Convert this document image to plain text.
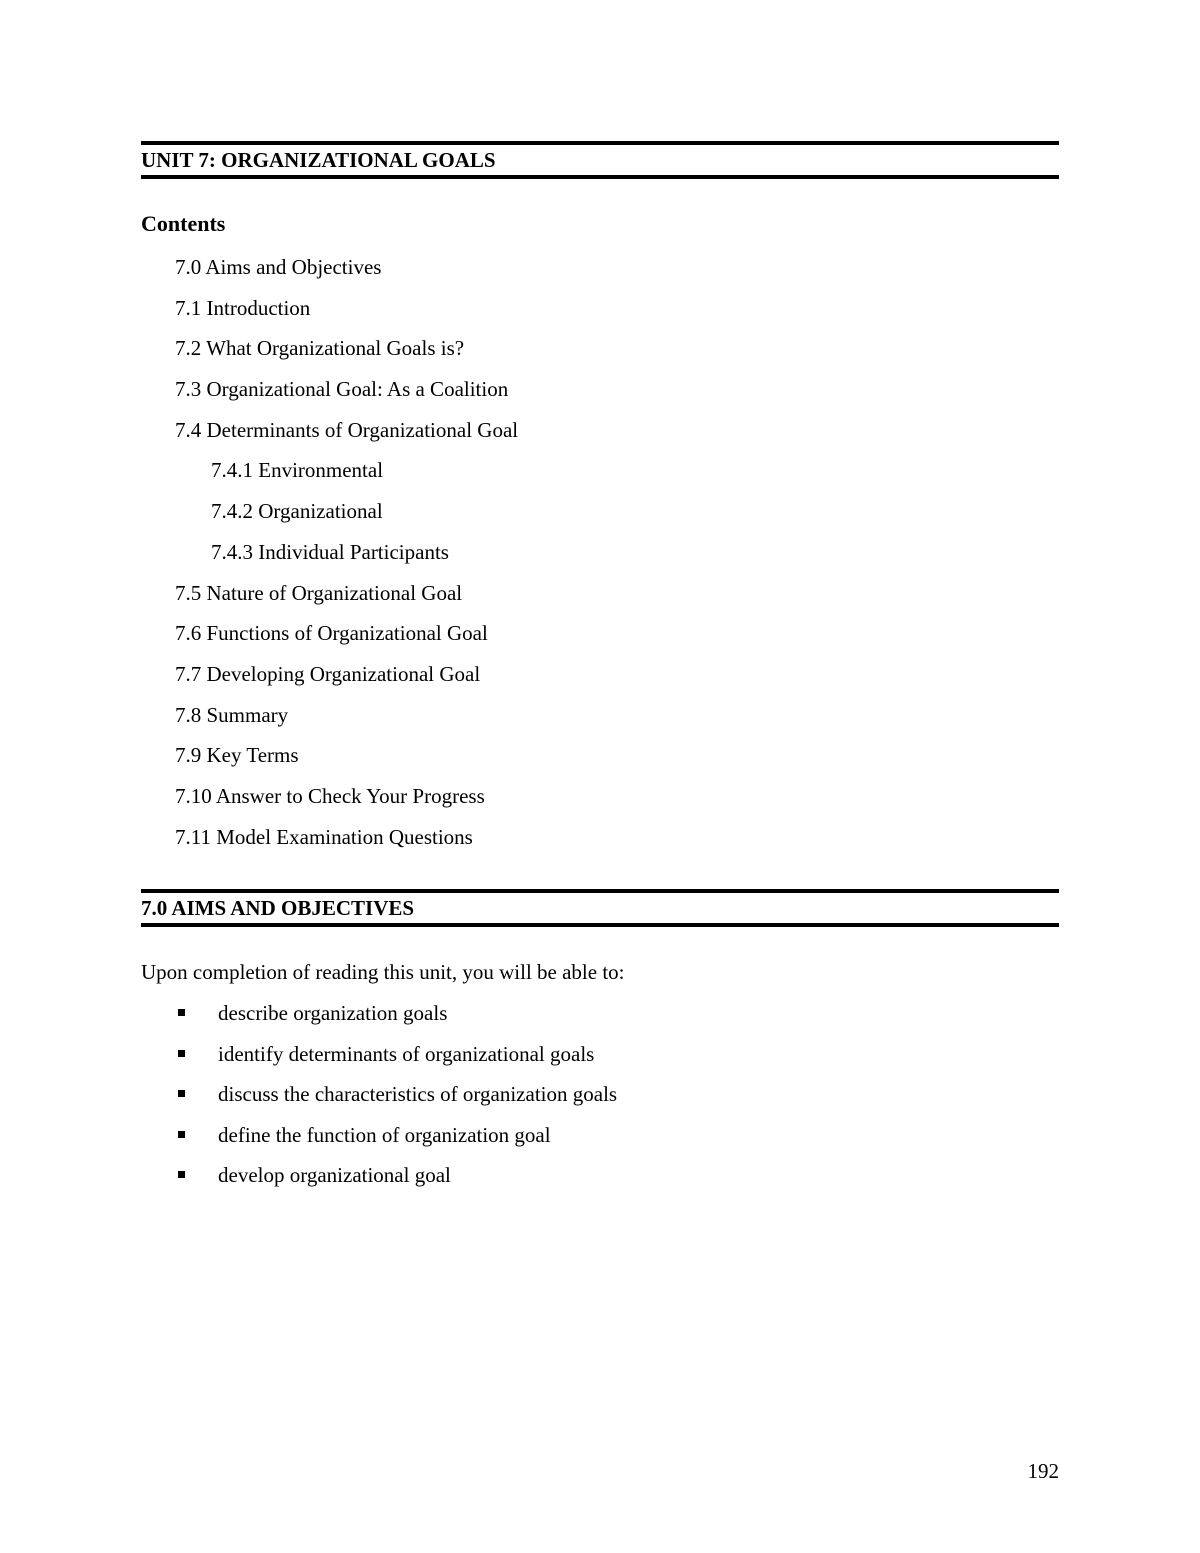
UNIT 7: ORGANIZATIONAL GOALS
Contents
7.0 Aims and Objectives
7.1 Introduction
7.2 What Organizational Goals is?
7.3 Organizational Goal: As a Coalition
7.4 Determinants of Organizational Goal
7.4.1 Environmental
7.4.2 Organizational
7.4.3 Individual Participants
7.5 Nature of Organizational Goal
7.6 Functions of Organizational Goal
7.7 Developing Organizational Goal
7.8 Summary
7.9 Key Terms
7.10 Answer to Check Your Progress
7.11 Model Examination Questions
7.0 AIMS AND OBJECTIVES
Upon completion of reading this unit, you will be able to:
describe organization goals
identify determinants of organizational goals
discuss the characteristics of organization goals
define the function of organization goal
develop organizational goal
192
